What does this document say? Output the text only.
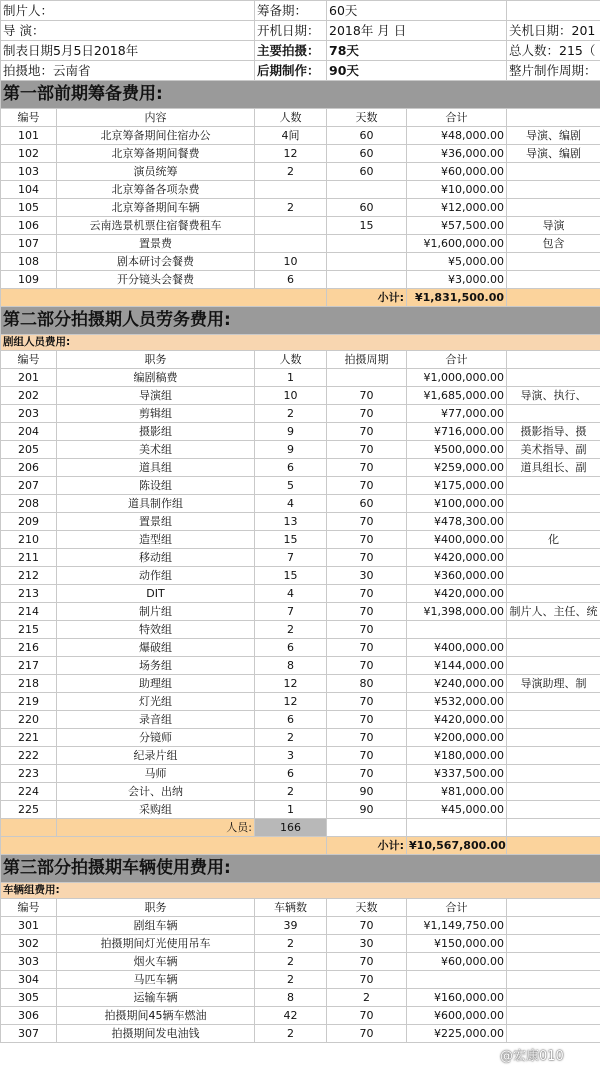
制片人：		筹备期：	60天		
导 演：		开机日期：	2018年 月 日		关机日期：201
制表日期5月5日2018年		主要拍摄：	78天		总人数：215（
拍摄地：云南省		后期制作：	90天		整片制作周期：
第一部前期筹备费用:					
编号	内容	人数	天数	合计	
101	北京筹备期间住宿办公	4间	60	¥48,000.00	导演、编剧
102	北京筹备期间餐费	12	60	¥36,000.00	导演、编剧
103	演员统筹	2	60	¥60,000.00	
104	北京筹备各项杂费			¥10,000.00	
105	北京筹备期间车辆	2	60	¥12,000.00	
106	云南选景机票住宿餐费租车		15	¥57,500.00	导演
107	置景费			¥1,600,000.00	包含
108	剧本研讨会餐费	10		¥5,000.00	
109	开分镜头会餐费	6		¥3,000.00	
			小计:	¥1,831,500.00	
第二部分拍摄期人员劳务费用:					
剧组人员费用:					
编号	职务	人数	拍摄周期	合计	
201	编剧稿费	1		¥1,000,000.00	
202	导演组	10	70	¥1,685,000.00	导演、执行、
203	剪辑组	2	70	¥77,000.00	
204	摄影组	9	70	¥716,000.00	摄影指导、摄
205	美术组	9	70	¥500,000.00	美术指导、副
206	道具组	6	70	¥259,000.00	道具组长、副
207	陈设组	5	70	¥175,000.00	
208	道具制作组	4	60	¥100,000.00	
209	置景组	13	70	¥478,300.00	
210	造型组	15	70	¥400,000.00	化
211	移动组	7	70	¥420,000.00	
212	动作组	15	30	¥360,000.00	
213	DIT	4	70	¥420,000.00	
214	制片组	7	70	¥1,398,000.00	制片人、主任、统
215	特效组	2	70		
216	爆破组	6	70	¥400,000.00	
217	场务组	8	70	¥144,000.00	
218	助理组	12	80	¥240,000.00	导演助理、制
219	灯光组	12	70	¥532,000.00	
220	录音组	6	70	¥420,000.00	
221	分镜师	2	70	¥200,000.00	
222	纪录片组	3	70	¥180,000.00	
223	马师	6	70	¥337,500.00	
224	会计、出纳	2	90	¥81,000.00	
225	采购组	1	90	¥45,000.00	
	人员:	166			
			小计:	¥10,567,800.00	
第三部分拍摄期车辆使用费用:					
车辆组费用:					
编号	职务	车辆数	天数	合计	
301	剧组车辆	39	70	¥1,149,750.00	
302	拍摄期间灯光使用吊车	2	30	¥150,000.00	
303	烟火车辆	2	70	¥60,000.00	
304	马匹车辆	2	70		
305	运输车辆	8	2	¥160,000.00	
306	拍摄期间45辆车燃油	42	70	¥600,000.00	
307	拍摄期间发电油钱	2	70	¥225,000.00	
@宏康010
